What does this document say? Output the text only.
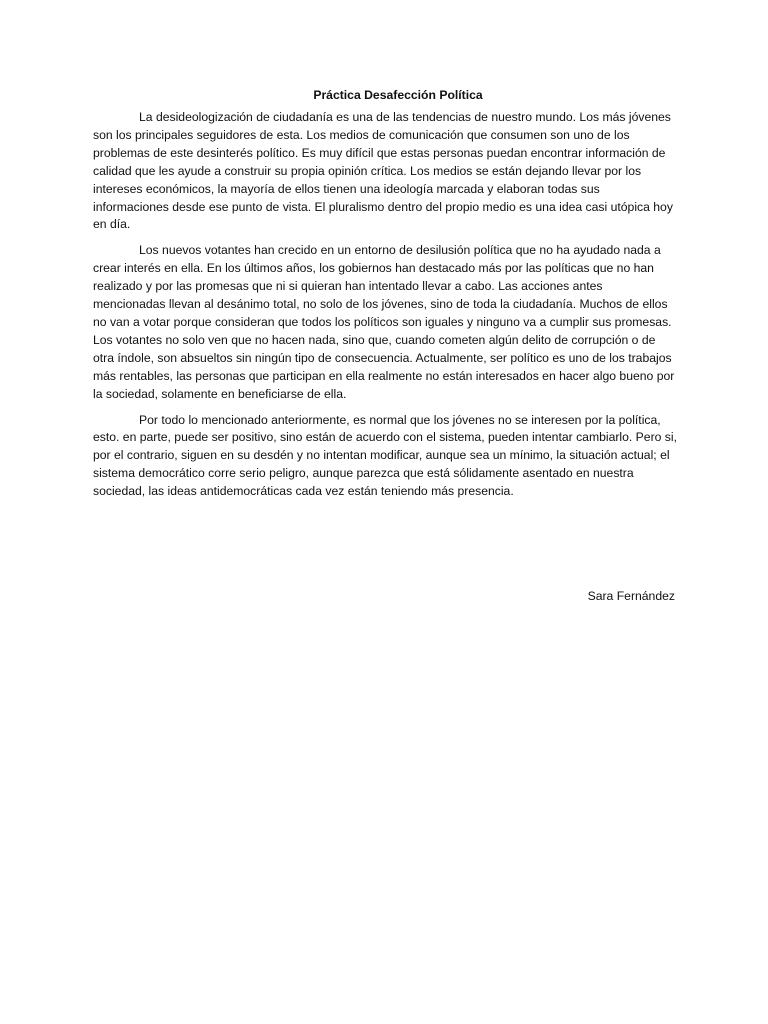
Práctica Desafección Política

La desideologización de ciudadanía es una de las tendencias de nuestro mundo. Los más jóvenes son los principales seguidores de esta. Los medios de comunicación que consumen son uno de los problemas de este desinterés político. Es muy difícil que estas personas puedan encontrar información de calidad que les ayude a construir su propia opinión crítica. Los medios se están dejando llevar por los intereses económicos, la mayoría de ellos tienen una ideología marcada y elaboran todas sus informaciones desde ese punto de vista. El pluralismo dentro del propio medio es una idea casi utópica hoy en día.

Los nuevos votantes han crecido en un entorno de desilusión política que no ha ayudado nada a crear interés en ella. En los últimos años, los gobiernos han destacado más por las políticas que no han realizado y por las promesas que ni si quieran han intentado llevar a cabo. Las acciones antes mencionadas llevan al desánimo total, no solo de los jóvenes, sino de toda la ciudadanía. Muchos de ellos no van a votar porque consideran que todos los políticos son iguales y ninguno va a cumplir sus promesas. Los votantes no solo ven que no hacen nada, sino que, cuando cometen algún delito de corrupción o de otra índole, son absueltos sin ningún tipo de consecuencia. Actualmente, ser político es uno de los trabajos más rentables, las personas que participan en ella realmente no están interesados en hacer algo bueno por la sociedad, solamente en beneficiarse de ella.

Por todo lo mencionado anteriormente, es normal que los jóvenes no se interesen por la política, esto. en parte, puede ser positivo, sino están de acuerdo con el sistema, pueden intentar cambiarlo. Pero si, por el contrario, siguen en su desdén y no intentan modificar, aunque sea un mínimo, la situación actual; el sistema democrático corre serio peligro, aunque parezca que está sólidamente asentado en nuestra sociedad, las ideas antidemocráticas cada vez están teniendo más presencia.

Sara Fernández
